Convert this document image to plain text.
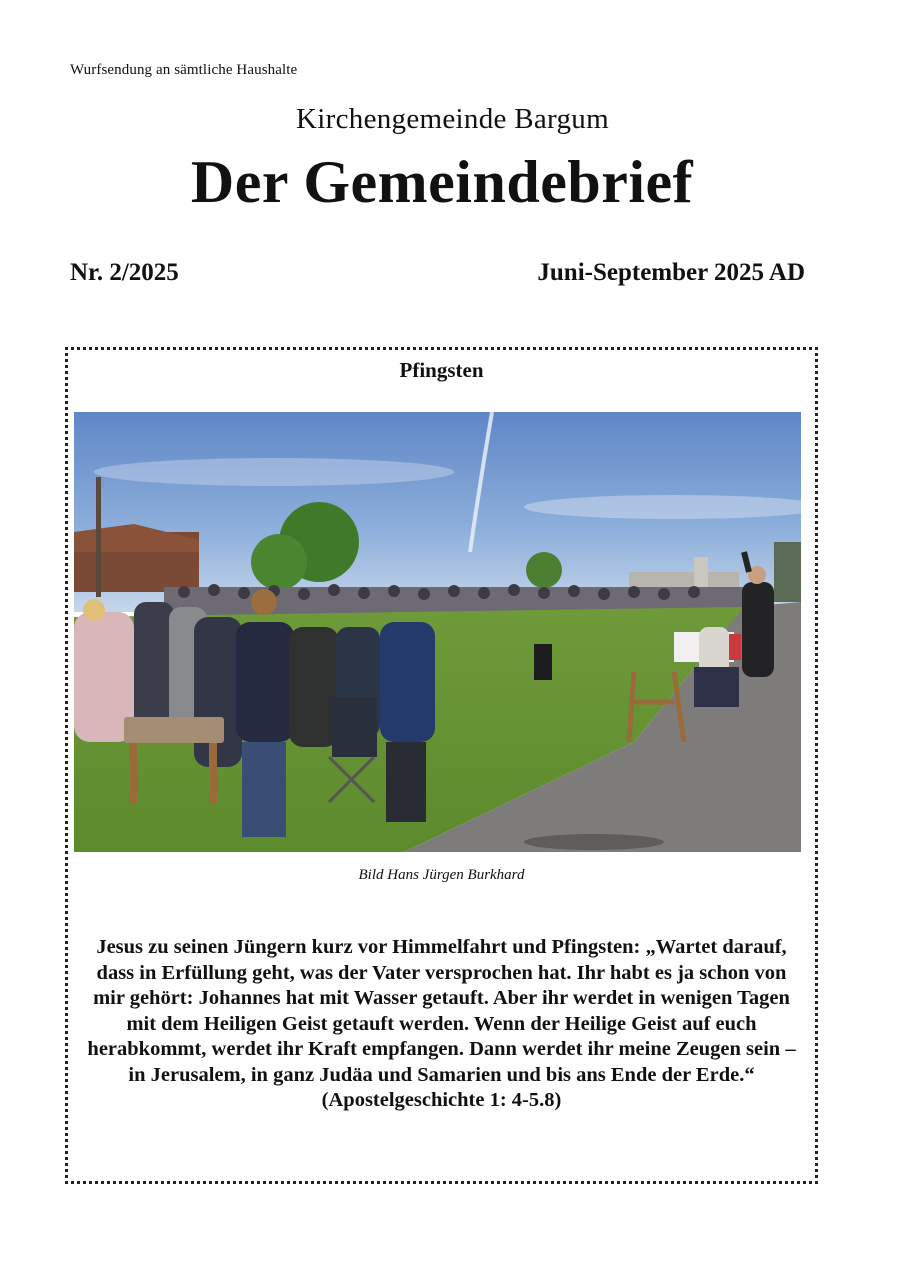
Wurfsendung an sämtliche Haushalte
Kirchengemeinde Bargum
Der Gemeindebrief
Nr. 2/2025	Juni-September 2025 AD
Pfingsten
Bild Hans Jürgen Burkhard
Jesus zu seinen Jüngern kurz vor Himmelfahrt und Pfingsten: „Wartet darauf, dass in Erfüllung geht, was der Vater versprochen hat. Ihr habt es ja schon von mir gehört: Johannes hat mit Wasser getauft. Aber ihr werdet in wenigen Tagen mit dem Heiligen Geist getauft werden. Wenn der Heilige Geist auf euch herabkommt, werdet ihr Kraft empfangen. Dann werdet ihr meine Zeugen sein – in Jerusalem, in ganz Judäa und Samarien und bis ans Ende der Erde.“ (Apostelgeschichte 1: 4-5.8)
